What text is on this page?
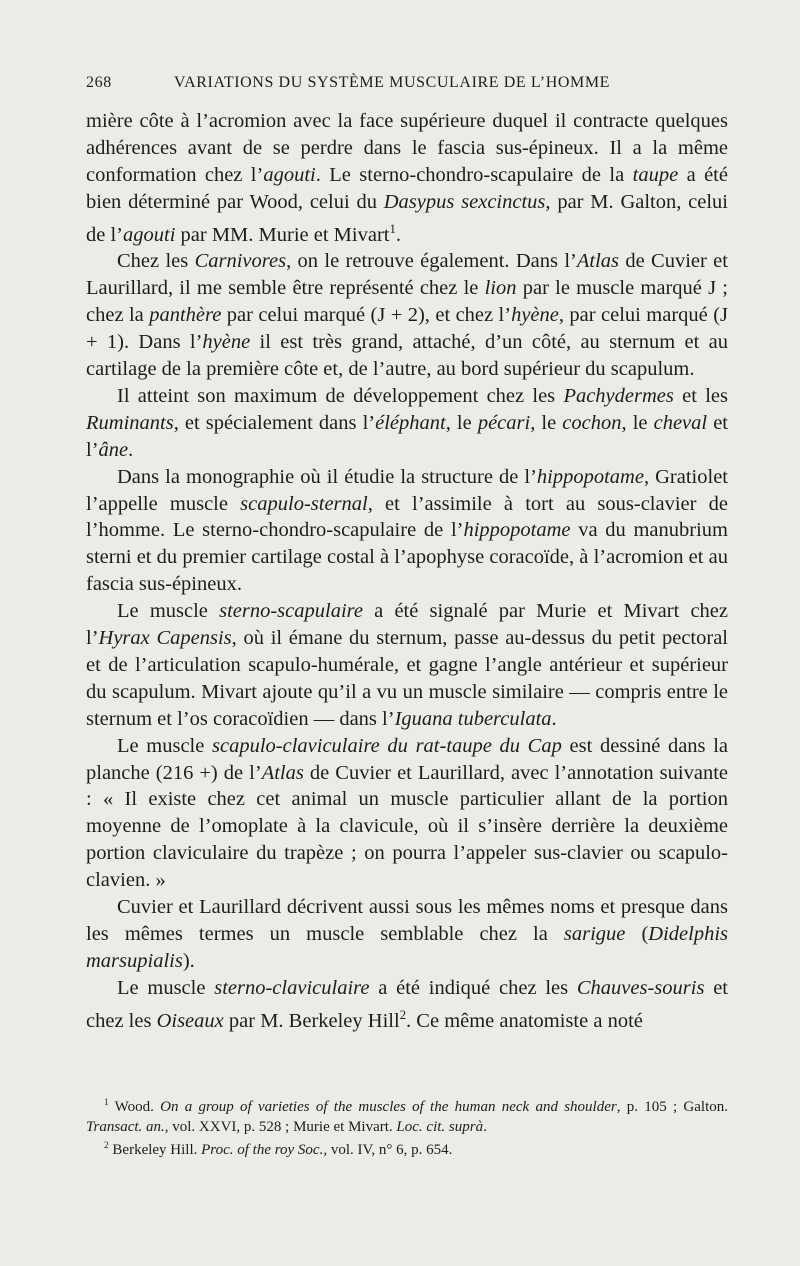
268	VARIATIONS DU SYSTÈME MUSCULAIRE DE L’HOMME

mière côte à l’acromion avec la face supérieure duquel il contracte quelques adhérences avant de se perdre dans le fascia sus-épineux. Il a la même conformation chez l’agouti. Le sterno-chondro-scapulaire de la taupe a été bien déterminé par Wood, celui du Dasypus sexcinctus, par M. Galton, celui de l’agouti par MM. Murie et Mivart$^1$.

Chez les Carnivores, on le retrouve également. Dans l’Atlas de Cuvier et Laurillard, il me semble être représenté chez le lion par le muscle marqué J ; chez la panthère par celui marqué (J + 2), et chez l’hyène, par celui marqué (J + 1). Dans l’hyène il est très grand, attaché, d’un côté, au sternum et au cartilage de la première côte et, de l’autre, au bord supérieur du scapulum.

Il atteint son maximum de développement chez les Pachydermes et les Ruminants, et spécialement dans l’éléphant, le pécari, le cochon, le cheval et l’âne.

Dans la monographie où il étudie la structure de l’hippopotame, Gratiolet l’appelle muscle scapulo-sternal, et l’assimile à tort au sous-clavier de l’homme. Le sterno-chondro-scapulaire de l’hippopotame va du manubrium sterni et du premier cartilage costal à l’apophyse coracoïde, à l’acromion et au fascia sus-épineux.

Le muscle sterno-scapulaire a été signalé par Murie et Mivart chez l’Hyrax Capensis, où il émane du sternum, passe au-dessus du petit pectoral et de l’articulation scapulo-humérale, et gagne l’angle antérieur et supérieur du scapulum. Mivart ajoute qu’il a vu un muscle similaire — compris entre le sternum et l’os coracoïdien — dans l’Iguana tuberculata.

Le muscle scapulo-claviculaire du rat-taupe du Cap est dessiné dans la planche (216 +) de l’Atlas de Cuvier et Laurillard, avec l’annotation suivante : « Il existe chez cet animal un muscle particulier allant de la portion moyenne de l’omoplate à la clavicule, où il s’insère derrière la deuxième portion claviculaire du trapèze ; on pourra l’appeler sus-clavier ou scapulo-clavien. »

Cuvier et Laurillard décrivent aussi sous les mêmes noms et presque dans les mêmes termes un muscle semblable chez la sarigue (Didelphis marsupialis).

Le muscle sterno-claviculaire a été indiqué chez les Chauves-souris et chez les Oiseaux par M. Berkeley Hill$^2$. Ce même anatomiste a noté

$^1$ Wood. On a group of varieties of the muscles of the human neck and shoulder, p. 105 ; Galton. Transact. an., vol. XXVI, p. 528 ; Murie et Mivart. Loc. cit. suprà.

$^2$ Berkeley Hill. Proc. of the roy Soc., vol. IV, n° 6, p. 654.
